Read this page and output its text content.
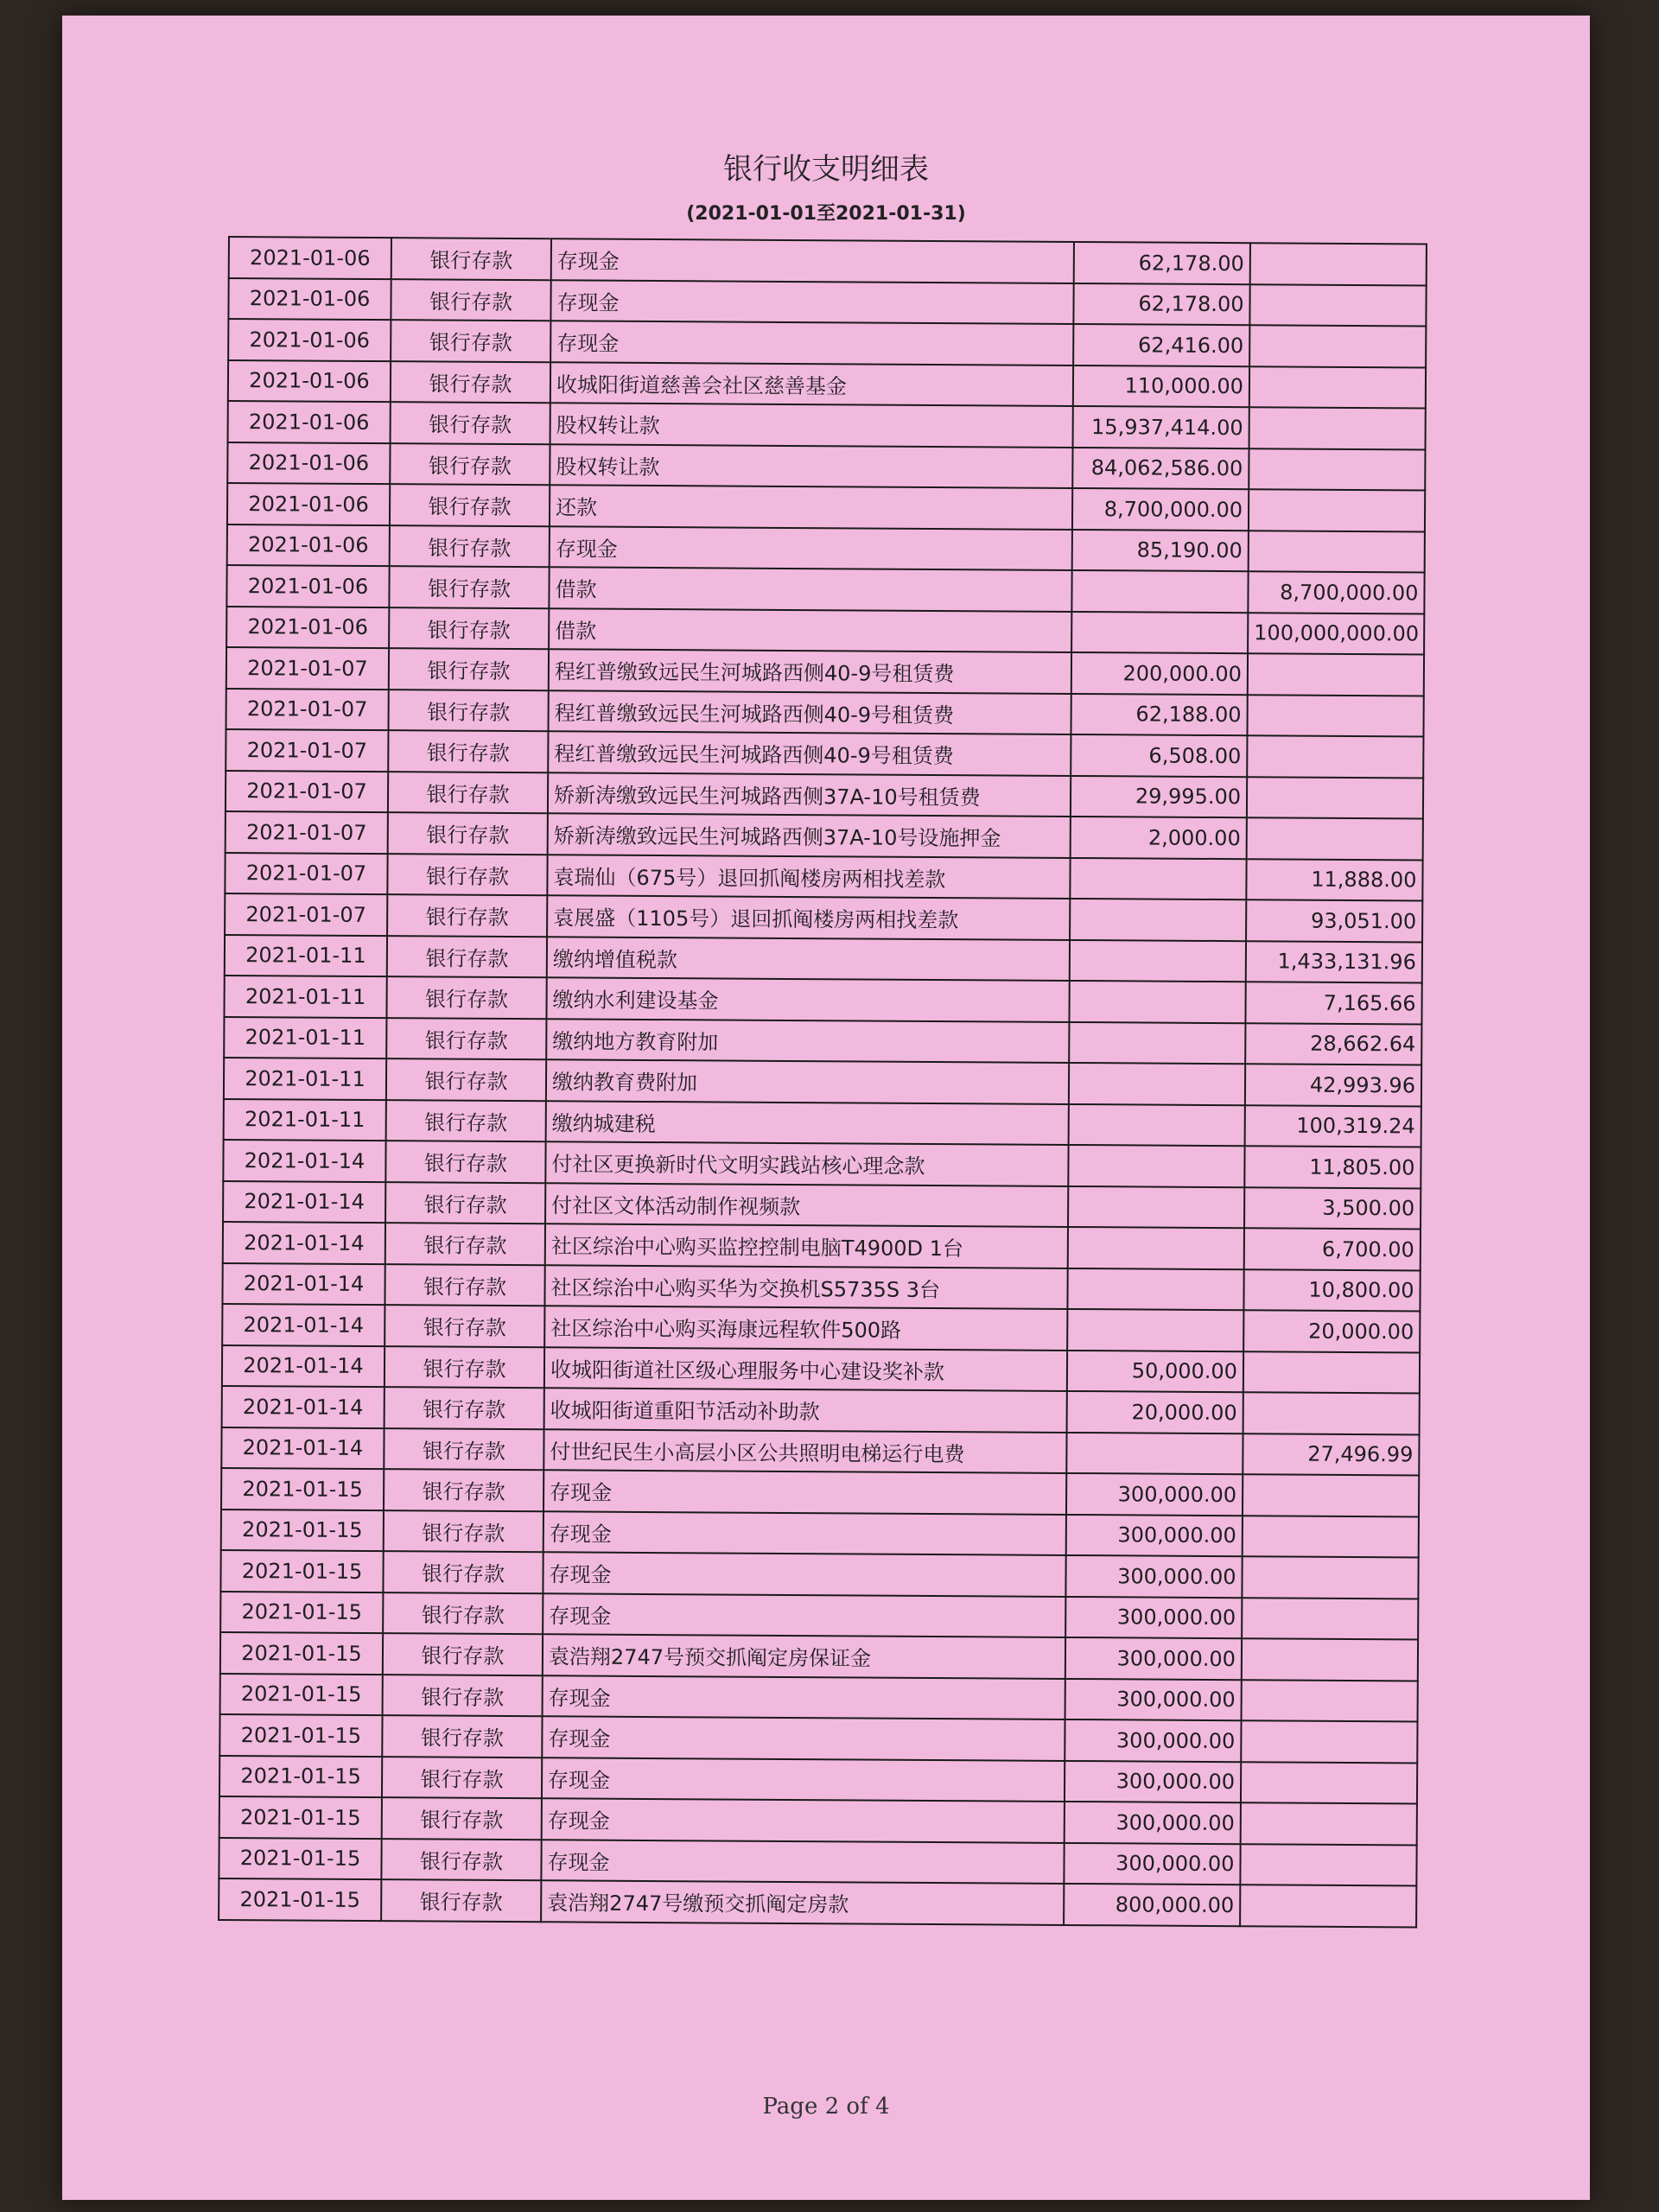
银行收支明细表
(2021-01-01至2021-01-31)
2021-01-06	银行存款	存现金	62,178.00	
2021-01-06	银行存款	存现金	62,178.00	
2021-01-06	银行存款	存现金	62,416.00	
2021-01-06	银行存款	收城阳街道慈善会社区慈善基金	110,000.00	
2021-01-06	银行存款	股权转让款	15,937,414.00	
2021-01-06	银行存款	股权转让款	84,062,586.00	
2021-01-06	银行存款	还款	8,700,000.00	
2021-01-06	银行存款	存现金	85,190.00	
2021-01-06	银行存款	借款		8,700,000.00
2021-01-06	银行存款	借款		100,000,000.00
2021-01-07	银行存款	程红普缴致远民生河城路西侧40-9号租赁费	200,000.00	
2021-01-07	银行存款	程红普缴致远民生河城路西侧40-9号租赁费	62,188.00	
2021-01-07	银行存款	程红普缴致远民生河城路西侧40-9号租赁费	6,508.00	
2021-01-07	银行存款	矫新涛缴致远民生河城路西侧37A-10号租赁费	29,995.00	
2021-01-07	银行存款	矫新涛缴致远民生河城路西侧37A-10号设施押金	2,000.00	
2021-01-07	银行存款	袁瑞仙（675号）退回抓阄楼房两相找差款		11,888.00
2021-01-07	银行存款	袁展盛（1105号）退回抓阄楼房两相找差款		93,051.00
2021-01-11	银行存款	缴纳增值税款		1,433,131.96
2021-01-11	银行存款	缴纳水利建设基金		7,165.66
2021-01-11	银行存款	缴纳地方教育附加		28,662.64
2021-01-11	银行存款	缴纳教育费附加		42,993.96
2021-01-11	银行存款	缴纳城建税		100,319.24
2021-01-14	银行存款	付社区更换新时代文明实践站核心理念款		11,805.00
2021-01-14	银行存款	付社区文体活动制作视频款		3,500.00
2021-01-14	银行存款	社区综治中心购买监控控制电脑T4900D 1台		6,700.00
2021-01-14	银行存款	社区综治中心购买华为交换机S5735S 3台		10,800.00
2021-01-14	银行存款	社区综治中心购买海康远程软件500路		20,000.00
2021-01-14	银行存款	收城阳街道社区级心理服务中心建设奖补款	50,000.00	
2021-01-14	银行存款	收城阳街道重阳节活动补助款	20,000.00	
2021-01-14	银行存款	付世纪民生小高层小区公共照明电梯运行电费		27,496.99
2021-01-15	银行存款	存现金	300,000.00	
2021-01-15	银行存款	存现金	300,000.00	
2021-01-15	银行存款	存现金	300,000.00	
2021-01-15	银行存款	存现金	300,000.00	
2021-01-15	银行存款	袁浩翔2747号预交抓阄定房保证金	300,000.00	
2021-01-15	银行存款	存现金	300,000.00	
2021-01-15	银行存款	存现金	300,000.00	
2021-01-15	银行存款	存现金	300,000.00	
2021-01-15	银行存款	存现金	300,000.00	
2021-01-15	银行存款	存现金	300,000.00	
2021-01-15	银行存款	袁浩翔2747号缴预交抓阄定房款	800,000.00	
Page 2 of 4
